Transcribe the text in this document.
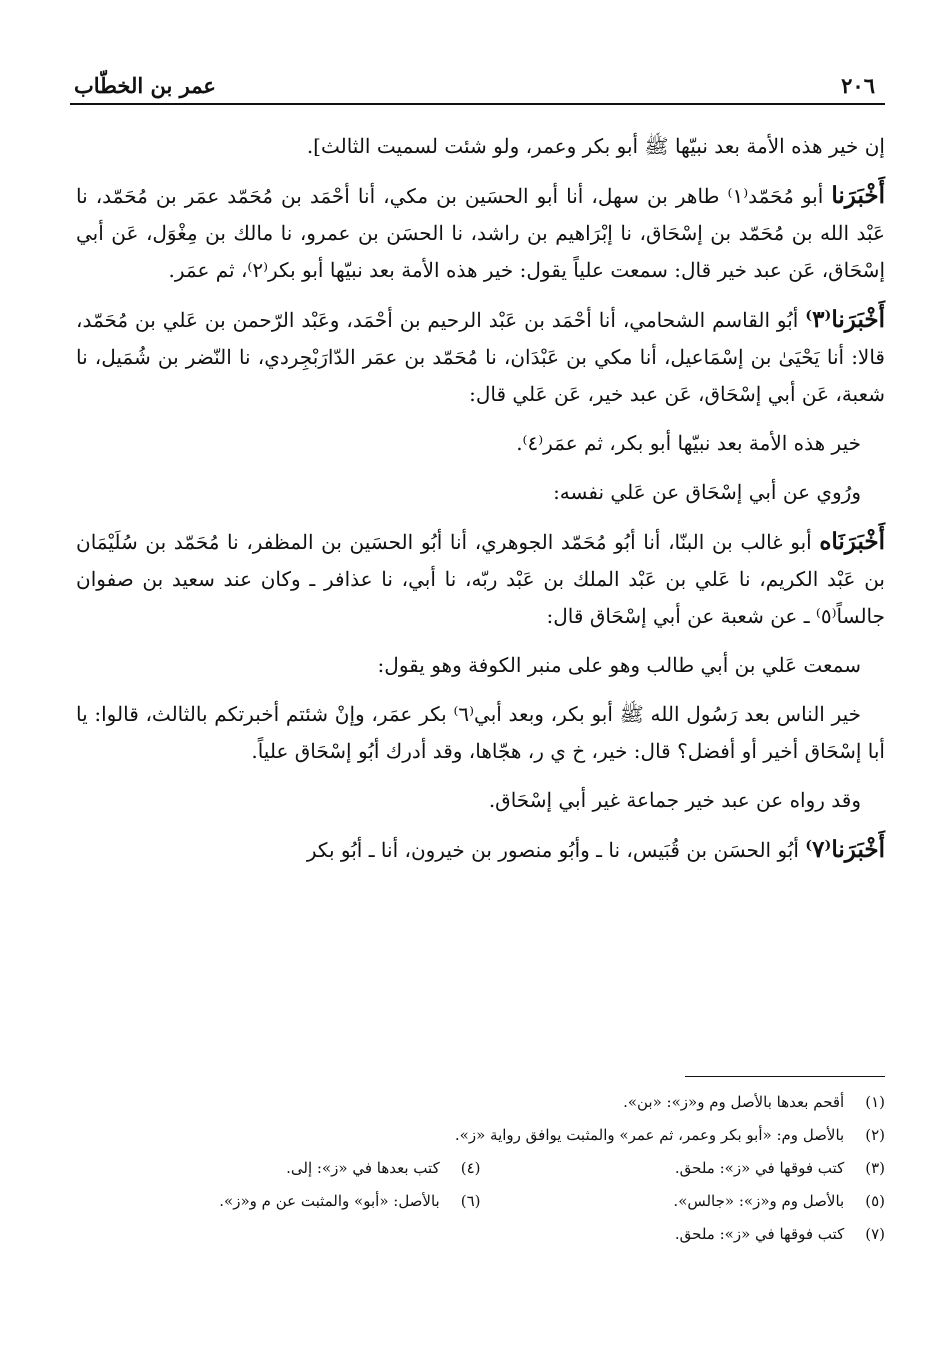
٢٠٦
عمر بن الخطّاب

إن خير هذه الأمة بعد نبيّها ﷺ أبو بكر وعمر، ولو شئت لسميت الثالث].

أَخْبَرَنا أبو مُحَمّد⁽١⁾ طاهر بن سهل، أنا أبو الحسَين بن مكي، أنا أحْمَد بن مُحَمّد عمَر بن مُحَمّد، نا عَبْد الله بن مُحَمّد بن إسْحَاق، نا إبْرَاهيم بن راشد، نا الحسَن بن عمرو، نا مالك بن مِغْوَل، عَن أبي إسْحَاق، عَن عبد خير قال: سمعت علياً يقول: خير هذه الأمة بعد نبيّها أبو بكر⁽٢⁾، ثم عمَر.

أَخْبَرَنا⁽٣⁾ أبُو القاسم الشحامي، أنا أحْمَد بن عَبْد الرحيم بن أحْمَد، وعَبْد الرّحمن بن عَلي بن مُحَمّد، قالا: أنا يَحْيَىٰ بن إسْمَاعيل، أنا مكي بن عَبْدَان، نا مُحَمّد بن عمَر الدّارَبْجِردي، نا النّضر بن شُمَيل، نا شعبة، عَن أبي إسْحَاق، عَن عبد خير، عَن عَلي قال:

خير هذه الأمة بعد نبيّها أبو بكر، ثم عمَر⁽٤⁾.

ورُوي عن أبي إسْحَاق عن عَلي نفسه:

أَخْبَرَنَاه أبو غالب بن البنّا، أنا أبُو مُحَمّد الجوهري، أنا أبُو الحسَين بن المظفر، نا مُحَمّد بن سُلَيْمَان بن عَبْد الكريم، نا عَلي بن عَبْد الملك بن عَبْد ربّه، نا أبي، نا عذافر ـ وكان عند سعيد بن صفوان جالساً⁽٥⁾ ـ عن شعبة عن أبي إسْحَاق قال:

سمعت عَلي بن أبي طالب وهو على منبر الكوفة وهو يقول:

خير الناس بعد رَسُول الله ﷺ أبو بكر، وبعد أبي⁽٦⁾ بكر عمَر، وإنْ شئتم أخبرتكم بالثالث، قالوا: يا أبا إسْحَاق أخير أو أفضل؟ قال: خير، خ ي ر، هجّاها، وقد أدرك أبُو إسْحَاق علياً.

وقد رواه عن عبد خير جماعة غير أبي إسْحَاق.

أَخْبَرَنا⁽٧⁾ أبُو الحسَن بن قُبَيس، نا ـ وأبُو منصور بن خيرون، أنا ـ أبُو بكر

(١) أقحم بعدها بالأصل وم و«ز»: «بن».
(٢) بالأصل وم: «أبو بكر وعمر، ثم عمر» والمثبت يوافق رواية «ز».
(٣) كتب فوقها في «ز»: ملحق.
(٤) كتب بعدها في «ز»: إلى.
(٥) بالأصل وم و«ز»: «جالس».
(٦) بالأصل: «أبو» والمثبت عن م و«ز».
(٧) كتب فوقها في «ز»: ملحق.
